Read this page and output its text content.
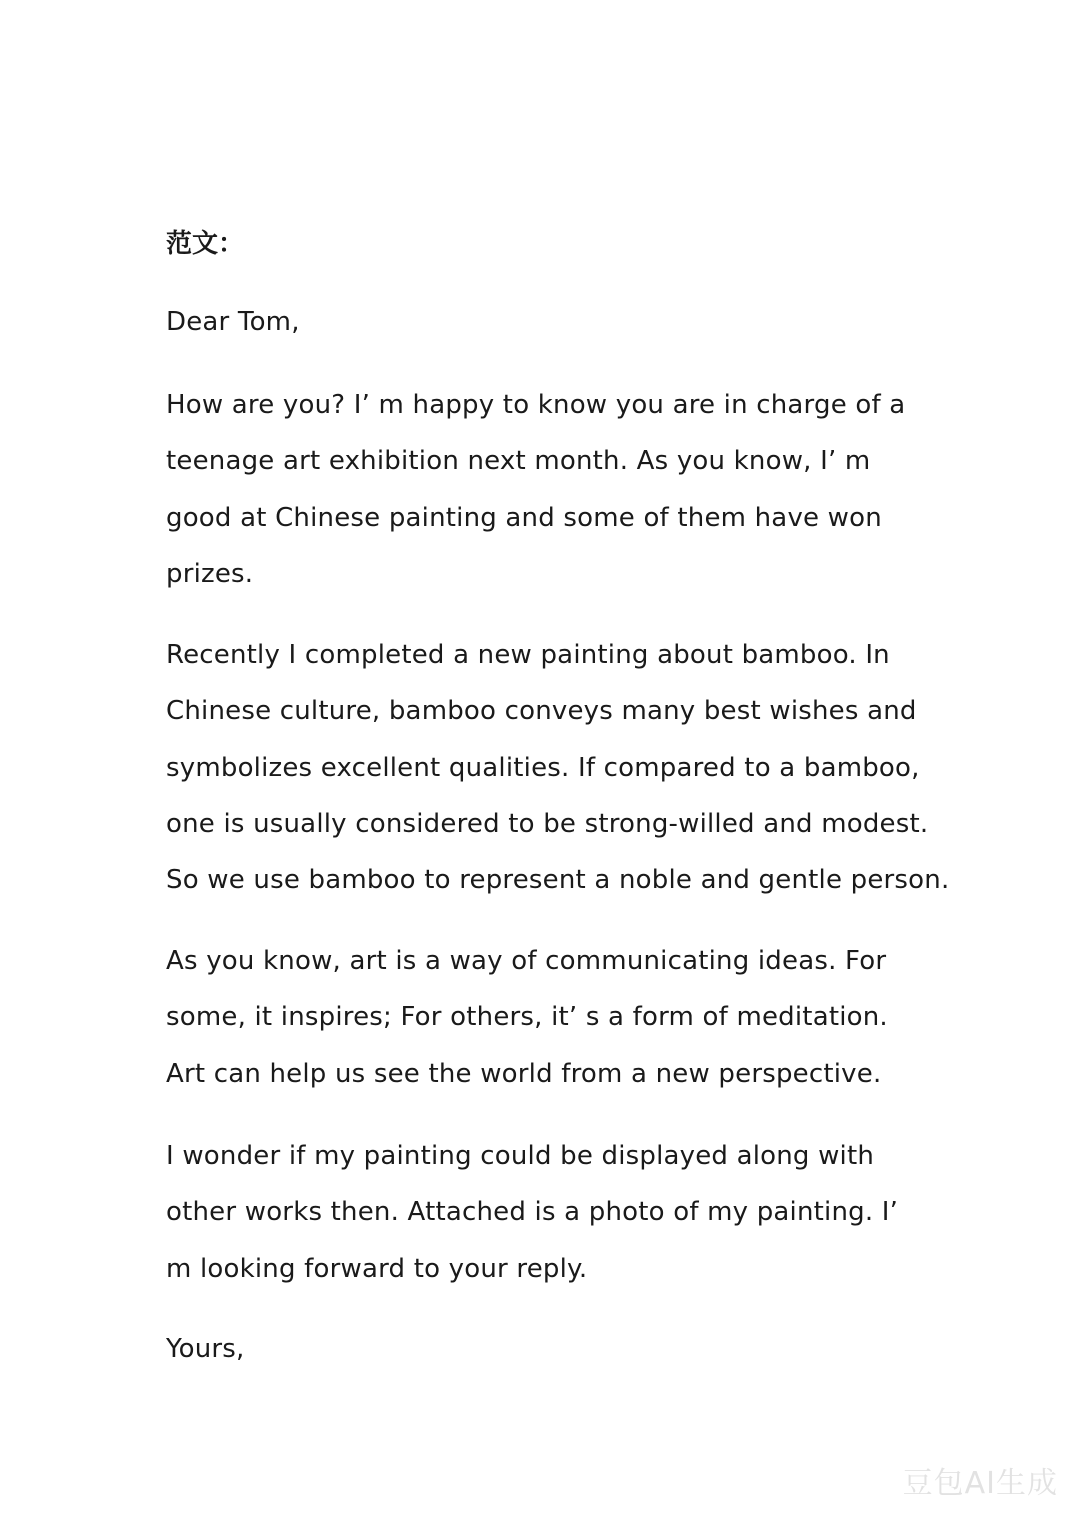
范文：

Dear Tom,

How are you? I’ m happy to know you are in charge of a
teenage art exhibition next month. As you know, I’ m
good at Chinese painting and some of them have won
prizes.

Recently I completed a new painting about bamboo. In
Chinese culture, bamboo conveys many best wishes and
symbolizes excellent qualities. If compared to a bamboo,
one is usually considered to be strong-willed and modest.
So we use bamboo to represent a noble and gentle person.

As you know, art is a way of communicating ideas. For
some, it inspires; For others, it’ s a form of meditation.
Art can help us see the world from a new perspective.

I wonder if my painting could be displayed along with
other works then. Attached is a photo of my painting. I’
m looking forward to your reply.

Yours,

豆包AI生成
